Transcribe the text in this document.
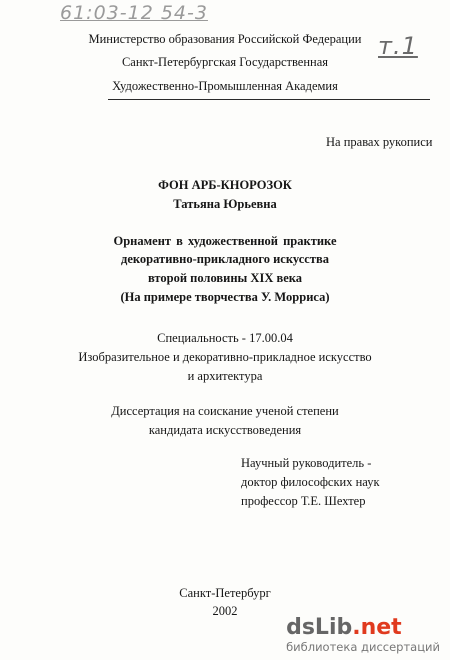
61:03-12 54-3
т.1
Министерство образования Российской Федерации
Санкт-Петербургская Государственная
Художественно-Промышленная Академия
На правах рукописи
ФОН АРБ-КНОРОЗОК
Татьяна Юрьевна
Орнамент в художественной практике
декоративно-прикладного искусства
второй половины XIX века
(На примере творчества У. Морриса)
Специальность - 17.00.04
Изобразительное и декоративно-прикладное искусство
и архитектура
Диссертация на соискание ученой степени
кандидата искусствоведения
Научный руководитель -
доктор философских наук
профессор Т.Е. Шехтер
Санкт-Петербург
2002
dsLib.net
библиотека диссертаций
